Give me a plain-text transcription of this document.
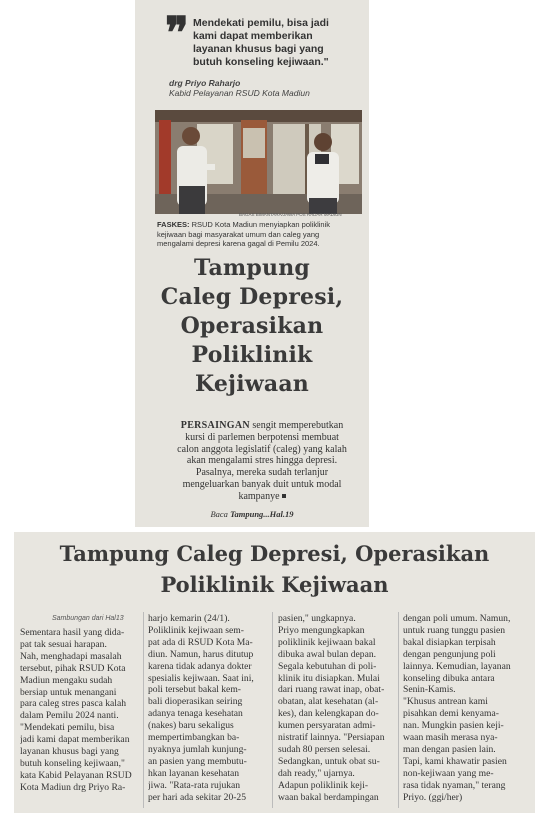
❞ Mendekati pemilu, bisa jadi
kami dapat memberikan
layanan khusus bagi yang
butuh konseling kejiwaan."
drg Priyo Raharjo
Kabid Pelayanan RSUD Kota Madiun
BAGAS BIMANTARA/JAWA POS RADAR MADIUN
FASKES: RSUD Kota Madiun menyiapkan poliklinik
kejiwaan bagi masyarakat umum dan caleg yang
mengalami depresi karena gagal di Pemilu 2024.
Tampung
Caleg Depresi,
Operasikan
Poliklinik
Kejiwaan
PERSAINGAN sengit memperebutkan
kursi di parlemen berpotensi membuat
calon anggota legislatif (caleg) yang kalah
akan mengalami stres hingga depresi.
Pasalnya, mereka sudah terlanjur
mengeluarkan banyak duit untuk modal
kampanye
Baca Tampung...Hal.19
Tampung Caleg Depresi, Operasikan
Poliklinik Kejiwaan
Sambungan dari Hal13
Sementara hasil yang dida-
pat tak sesuai harapan.
Nah, menghadapi masalah
tersebut, pihak RSUD Kota
Madiun mengaku sudah
bersiap untuk menangani
para caleg stres pasca kalah
dalam Pemilu 2024 nanti.
"Mendekati pemilu, bisa
jadi kami dapat memberikan
layanan khusus bagi yang
butuh konseling kejiwaan,"
kata Kabid Pelayanan RSUD
Kota Madiun drg Priyo Ra-
harjo kemarin (24/1).
Poliklinik kejiwaan sem-
pat ada di RSUD Kota Ma-
diun. Namun, harus ditutup
karena tidak adanya dokter
spesialis kejiwaan. Saat ini,
poli tersebut bakal kem-
bali dioperasikan seiring
adanya tenaga kesehatan
(nakes) baru sekaligus
mempertimbangkan ba-
nyaknya jumlah kunjung-
an pasien yang membutu-
hkan layanan kesehatan
jiwa. "Rata-rata rujukan
per hari ada sekitar 20-25
pasien," ungkapnya.
Priyo mengungkapkan
poliklinik kejiwaan bakal
dibuka awal bulan depan.
Segala kebutuhan di poli-
klinik itu disiapkan. Mulai
dari ruang rawat inap, obat-
obatan, alat kesehatan (al-
kes), dan kelengkapan do-
kumen persyaratan admi-
nistratif lainnya. "Persiapan
sudah 80 persen selesai.
Sedangkan, untuk obat su-
dah ready," ujarnya.
Adapun poliklinik keji-
waan bakal berdampingan
dengan poli umum. Namun,
untuk ruang tunggu pasien
bakal disiapkan terpisah
dengan pengunjung poli
lainnya. Kemudian, layanan
konseling dibuka antara
Senin-Kamis.
"Khusus antrean kami
pisahkan demi kenyama-
nan. Mungkin pasien keji-
waan masih merasa nya-
man dengan pasien lain.
Tapi, kami khawatir pasien
non-kejiwaan yang me-
rasa tidak nyaman," terang
Priyo. (ggi/her)
